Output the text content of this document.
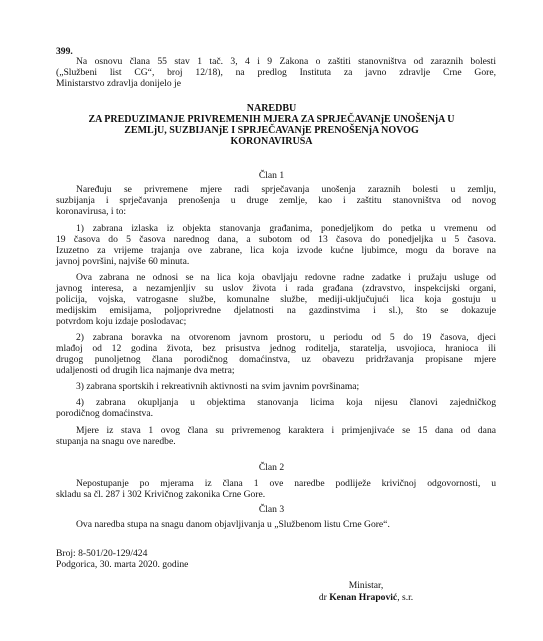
399.
Na osnovu člana 55 stav 1 tač. 3, 4 i 9 Zakona o zaštiti stanovništva od zaraznih bolesti
(„Službeni list CG“, broj 12/18), na predlog Instituta za javno zdravlje Crne Gore,
Ministarstvo zdravlja donijelo je
NAREDBU
ZA PREDUZIMANJE PRIVREMENIH MJERA ZA SPRJEČAVANjE UNOŠENjA U
ZEMLjU, SUZBIJANjE I SPRJEČAVANjE PRENOŠENjA NOVOG
KORONAVIRUSA
Član 1
Naređuju se privremene mjere radi sprječavanja unošenja zaraznih bolesti u zemlju,
suzbijanja i sprječavanja prenošenja u druge zemlje, kao i zaštitu stanovništva od novog
koronavirusa, i to:
1) zabrana izlaska iz objekta stanovanja građanima, ponedjeljkom do petka u vremenu od
19 časova do 5 časova narednog dana, a subotom od 13 časova do ponedjeljka u 5 časova.
Izuzetno za vrijeme trajanja ove zabrane, lica koja izvode kućne ljubimce, mogu da borave na
javnoj površini, najviše 60 minuta.
Ova zabrana ne odnosi se na lica koja obavljaju redovne radne zadatke i pružaju usluge od
javnog interesa, a nezamjenljiv su uslov života i rada građana (zdravstvo, inspekcijski organi,
policija, vojska, vatrogasne službe, komunalne službe, mediji-uključujući lica koja gostuju u
medijskim emisijama, poljoprivredne djelatnosti na gazdinstvima i sl.), što se dokazuje
potvrdom koju izdaje poslodavac;
2) zabrana boravka na otvorenom javnom prostoru, u periodu od 5 do 19 časova, djeci
mlađoj od 12 godina života, bez prisustva jednog roditelja, staratelja, usvojioca, hranioca ili
drugog punoljetnog člana porodičnog domaćinstva, uz obavezu pridržavanja propisane mjere
udaljenosti od drugih lica najmanje dva metra;
3) zabrana sportskih i rekreativnih aktivnosti na svim javnim površinama;
4) zabrana okupljanja u objektima stanovanja licima koja nijesu članovi zajedničkog
porodičnog domaćinstva.
Mjere iz stava 1 ovog člana su privremenog karaktera i primjenjivaće se 15 dana od dana
stupanja na snagu ove naredbe.
Član 2
Nepostupanje po mjerama iz člana 1 ove naredbe podliježe krivičnoj odgovornosti, u
skladu sa čl. 287 i 302 Krivičnog zakonika Crne Gore.
Član 3
Ova naredba stupa na snagu danom objavljivanja u „Službenom listu Crne Gore“.
Broj: 8-501/20-129/424
Podgorica, 30. marta 2020. godine
Ministar,
dr Kenan Hrapović, s.r.
